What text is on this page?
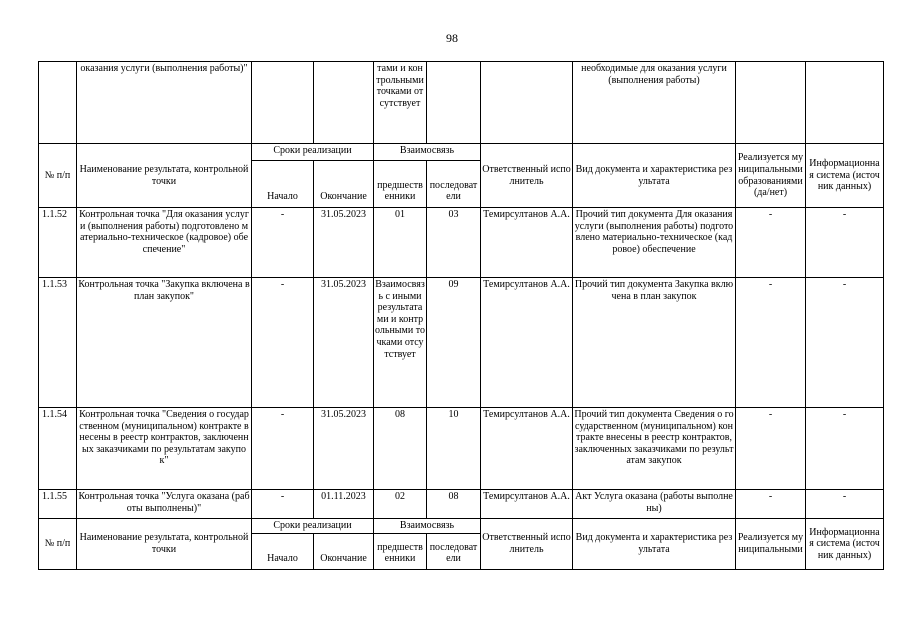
98

	оказания услуги (выполнения работы)"			тами и контрольными точками отсутствует			необходимые для оказания услуги (выполнения работы)		

№ п/п	Наименование результата, контрольной точки	Сроки реализации		Взаимосвязь		Ответственный исполнитель	Вид документа и характеристика результата	Реализуется муниципальными образованиями (да/нет)	Информационная система (источник данных)
		Начало	Окончание	предшественники	последователи				
1.1.52	Контрольная точка "Для оказания услуги (выполнения работы) подготовлено материально-техническое (кадровое) обеспечение"	-	31.05.2023	01	03	Темирсултанов А.А.	Прочий тип документа Для оказания услуги (выполнения работы) подготовлено материально-техническое (кадровое) обеспечение	-	-
1.1.53	Контрольная точка "Закупка включена в план закупок"	-	31.05.2023	Взаимосвязь с иными результатами и контрольными точками отсутствует	09	Темирсултанов А.А.	Прочий тип документа Закупка включена в план закупок	-	-
1.1.54	Контрольная точка "Сведения о государственном (муниципальном) контракте внесены в реестр контрактов, заключенных заказчиками по результатам закупок"	-	31.05.2023	08	10	Темирсултанов А.А.	Прочий тип документа Сведения о государственном (муниципальном) контракте внесены в реестр контрактов, заключенных заказчиками по результатам закупок	-	-
1.1.55	Контрольная точка "Услуга оказана (работы выполнены)"	-	01.11.2023	02	08	Темирсултанов А.А.	Акт Услуга оказана (работы выполнены)	-	-
№ п/п	Наименование результата, контрольной точки	Сроки реализации		Взаимосвязь		Ответственный исполнитель	Вид документа и характеристика результата	Реализуется муниципальными	Информационная система (источник данных)
		Начало	Окончание	предшественники	последователи				
